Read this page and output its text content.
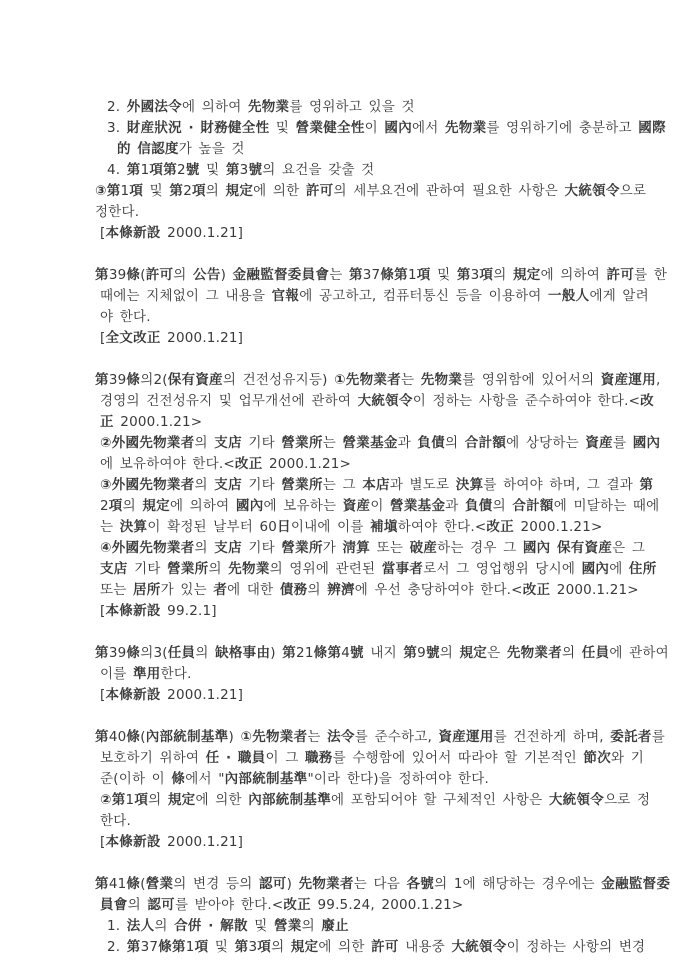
2. 外國法令에 의하여 先物業를 영위하고 있을 것
3. 財産狀況 · 財務健全性 및 營業健全性이 國內에서 先物業를 영위하기에 충분하고 國際
的 信認度가 높을 것
4. 第1項第2號 및 第3號의 요건을 갖출 것
③第1項 및 第2項의 規定에 의한 許可의 세부요건에 관하여 필요한 사항은 大統領令으로
정한다.
[本條新設 2000.1.21]
第39條(許可의 公告) 金融監督委員會는 第37條第1項 및 第3項의 規定에 의하여 許可를 한
때에는 지체없이 그 내용을 官報에 공고하고, 컴퓨터통신 등을 이용하여 一般人에게 알려
야 한다.
[全文改正 2000.1.21]
第39條의2(保有資産의 건전성유지등) ①先物業者는 先物業를 영위함에 있어서의 資産運用,
경영의 건전성유지 및 업무개선에 관하여 大統領令이 정하는 사항을 준수하여야 한다.<改
正 2000.1.21>
②外國先物業者의 支店 기타 營業所는 營業基金과 負債의 合計額에 상당하는 資産를 國內
에 보유하여야 한다.<改正 2000.1.21>
③外國先物業者의 支店 기타 營業所는 그 本店과 별도로 決算를 하여야 하며, 그 결과 第
2項의 規定에 의하여 國內에 보유하는 資産이 營業基金과 負債의 合計額에 미달하는 때에
는 決算이 확정된 날부터 60日이내에 이를 補塡하여야 한다.<改正 2000.1.21>
④外國先物業者의 支店 기타 營業所가 淸算 또는 破産하는 경우 그 國內 保有資産은 그
支店 기타 營業所의 先物業의 영위에 관련된 當事者로서 그 영업행위 당시에 國內에 住所
또는 居所가 있는 者에 대한 債務의 辨濟에 우선 충당하여야 한다.<改正 2000.1.21>
[本條新設 99.2.1]
第39條의3(任員의 缺格事由) 第21條第4號 내지 第9號의 規定은 先物業者의 任員에 관하여
이를 準用한다.
[本條新設 2000.1.21]
第40條(內部統制基準) ①先物業者는 法令를 준수하고, 資産運用를 건전하게 하며, 委託者를
보호하기 위하여 任 · 職員이 그 職務를 수행함에 있어서 따라야 할 기본적인 節次와 기
준(이하 이 條에서 "內部統制基準"이라 한다)을 정하여야 한다.
②第1項의 規定에 의한 內部統制基準에 포함되어야 할 구체적인 사항은 大統領令으로 정
한다.
[本條新設 2000.1.21]
第41條(營業의 변경 등의 認可) 先物業者는 다음 各號의 1에 해당하는 경우에는 金融監督委
員會의 認可를 받아야 한다.<改正 99.5.24, 2000.1.21>
1. 法人의 合倂 · 解散 및 營業의 廢止
2. 第37條第1項 및 第3項의 規定에 의한 許可 내용중 大統領令이 정하는 사항의 변경
